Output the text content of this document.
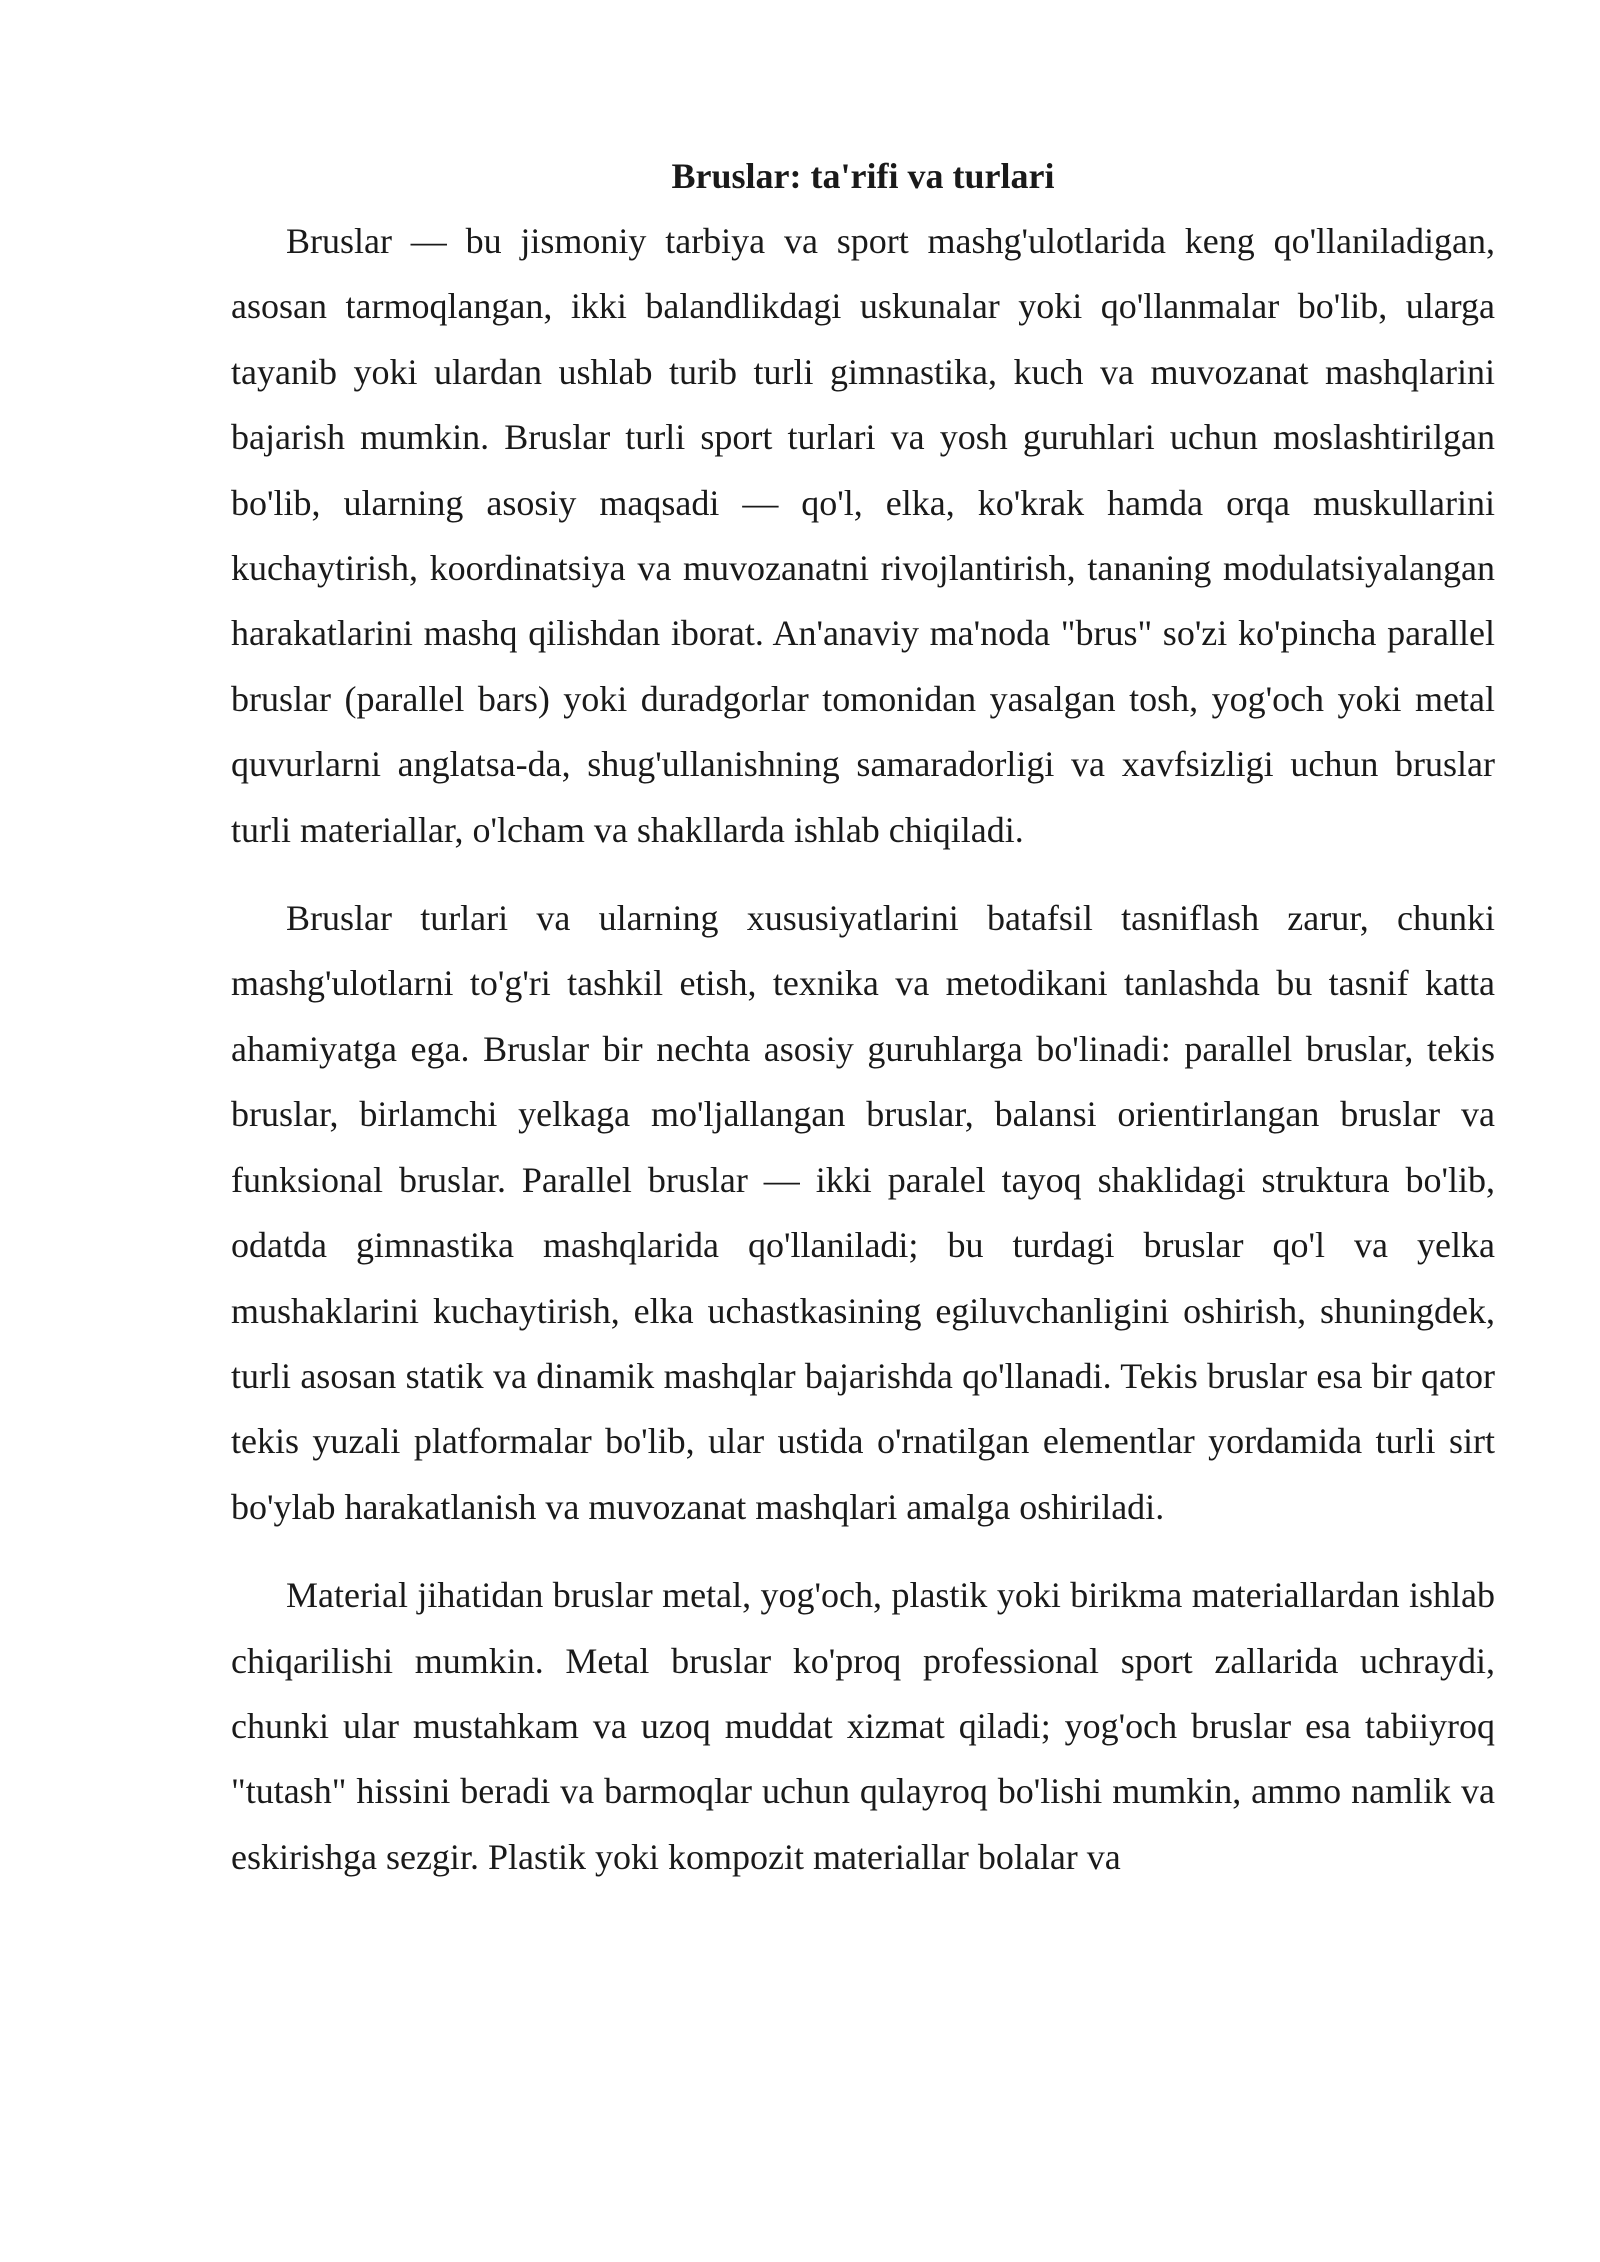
Bruslar: ta'rifi va turlari

Bruslar — bu jismoniy tarbiya va sport mashg'ulotlarida keng qo'llaniladigan, asosan tarmoqlangan, ikki balandlikdagi uskunalar yoki qo'llanmalar bo'lib, ularga tayanib yoki ulardan ushlab turib turli gimnastika, kuch va muvozanat mashqlarini bajarish mumkin. Bruslar turli sport turlari va yosh guruhlari uchun moslashtirilgan bo'lib, ularning asosiy maqsadi — qo'l, elka, ko'krak hamda orqa muskullarini kuchaytirish, koordinatsiya va muvozanatni rivojlantirish, tananing modulatsiyalangan harakatlarini mashq qilishdan iborat. An'anaviy ma'noda "brus" so'zi ko'pincha parallel bruslar (parallel bars) yoki duradgorlar tomonidan yasalgan tosh, yog'och yoki metal quvurlarni anglatsa-da, shug'ullanishning samaradorligi va xavfsizligi uchun bruslar turli materiallar, o'lcham va shakllarda ishlab chiqiladi.

Bruslar turlari va ularning xususiyatlarini batafsil tasniflash zarur, chunki mashg'ulotlarni to'g'ri tashkil etish, texnika va metodikani tanlashda bu tasnif katta ahamiyatga ega. Bruslar bir nechta asosiy guruhlarga bo'linadi: parallel bruslar, tekis bruslar, birlamchi yelkaga mo'ljallangan bruslar, balansi orientirlangan bruslar va funksional bruslar. Parallel bruslar — ikki paralel tayoq shaklidagi struktura bo'lib, odatda gimnastika mashqlarida qo'llaniladi; bu turdagi bruslar qo'l va yelka mushaklarini kuchaytirish, elka uchastkasining egiluvchanligini oshirish, shuningdek, turli asosan statik va dinamik mashqlar bajarishda qo'llanadi. Tekis bruslar esa bir qator tekis yuzali platformalar bo'lib, ular ustida o'rnatilgan elementlar yordamida turli sirt bo'ylab harakatlanish va muvozanat mashqlari amalga oshiriladi.

Material jihatidan bruslar metal, yog'och, plastik yoki birikma materiallardan ishlab chiqarilishi mumkin. Metal bruslar ko'proq professional sport zallarida uchraydi, chunki ular mustahkam va uzoq muddat xizmat qiladi; yog'och bruslar esa tabiiyroq "tutash" hissini beradi va barmoqlar uchun qulayroq bo'lishi mumkin, ammo namlik va eskirishga sezgir. Plastik yoki kompozit materiallar bolalar va
